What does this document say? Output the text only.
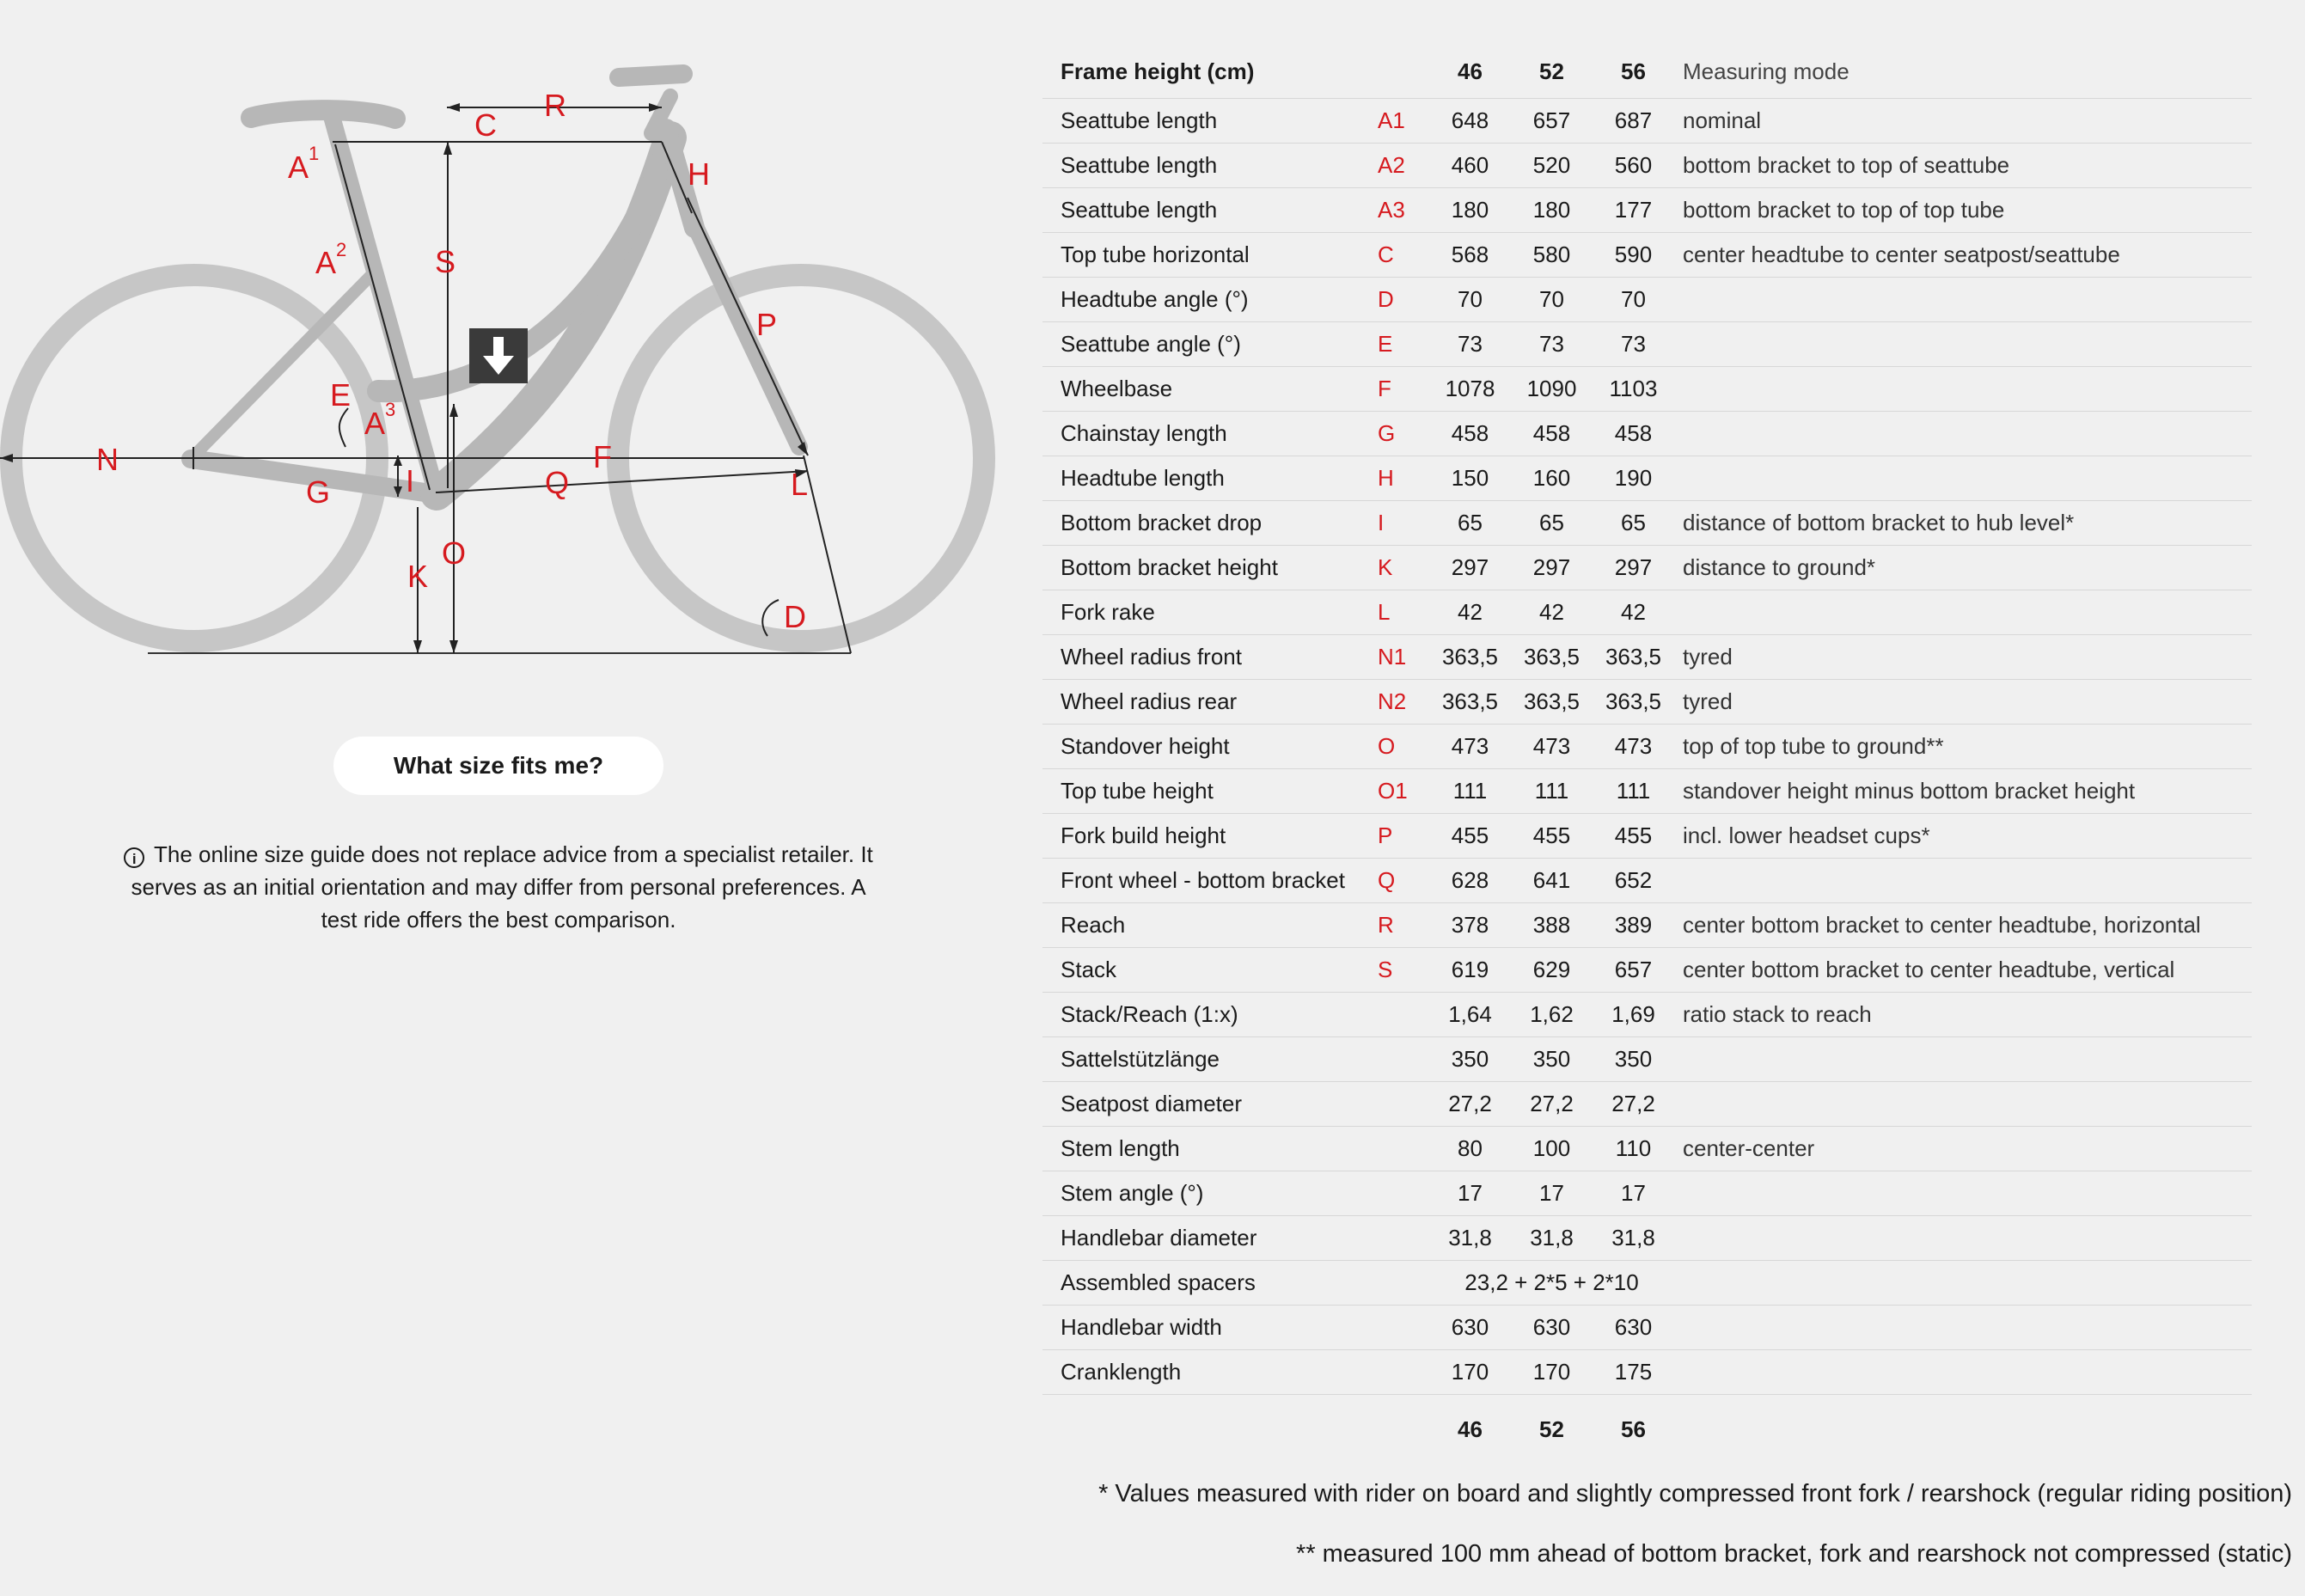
A 1
A 2
A 3
C
R
H
S
P
E
N	F
G I	Q	L
K
O
D
What size fits me?
i The online size guide does not replace advice from a specialist retailer. It serves as an initial orientation and may differ from personal preferences. A test ride offers the best comparison.
Frame height (cm)		46	52	56	Measuring mode
Seattube length	A1	648	657	687	nominal
Seattube length	A2	460	520	560	bottom bracket to top of seattube
Seattube length	A3	180	180	177	bottom bracket to top of top tube
Top tube horizontal	C	568	580	590	center headtube to center seatpost/seattube
Headtube angle (°)	D	70	70	70	
Seattube angle (°)	E	73	73	73	
Wheelbase	F	1078	1090	1103	
Chainstay length	G	458	458	458	
Headtube length	H	150	160	190	
Bottom bracket drop	I	65	65	65	distance of bottom bracket to hub level*
Bottom bracket height	K	297	297	297	distance to ground*
Fork rake	L	42	42	42	
Wheel radius front	N1	363,5	363,5	363,5	tyred
Wheel radius rear	N2	363,5	363,5	363,5	tyred
Standover height	O	473	473	473	top of top tube to ground**
Top tube height	O1	111	111	111	standover height minus bottom bracket height
Fork build height	P	455	455	455	incl. lower headset cups*
Front wheel - bottom bracket	Q	628	641	652	
Reach	R	378	388	389	center bottom bracket to center headtube, horizontal
Stack	S	619	629	657	center bottom bracket to center headtube, vertical
Stack/Reach (1:x)		1,64	1,62	1,69	ratio stack to reach
Sattelstützlänge		350	350	350	
Seatpost diameter		27,2	27,2	27,2	
Stem length		80	100	110	center-center
Stem angle (°)		17	17	17	
Handlebar diameter		31,8	31,8	31,8	
Assembled spacers		23,2 + 2*5 + 2*10			
Handlebar width		630	630	630	
Cranklength		170	170	175	
		46	52	56	
* Values measured with rider on board and slightly compressed front fork / rearshock (regular riding position)
** measured 100 mm ahead of bottom bracket, fork and rearshock not compressed (static)
